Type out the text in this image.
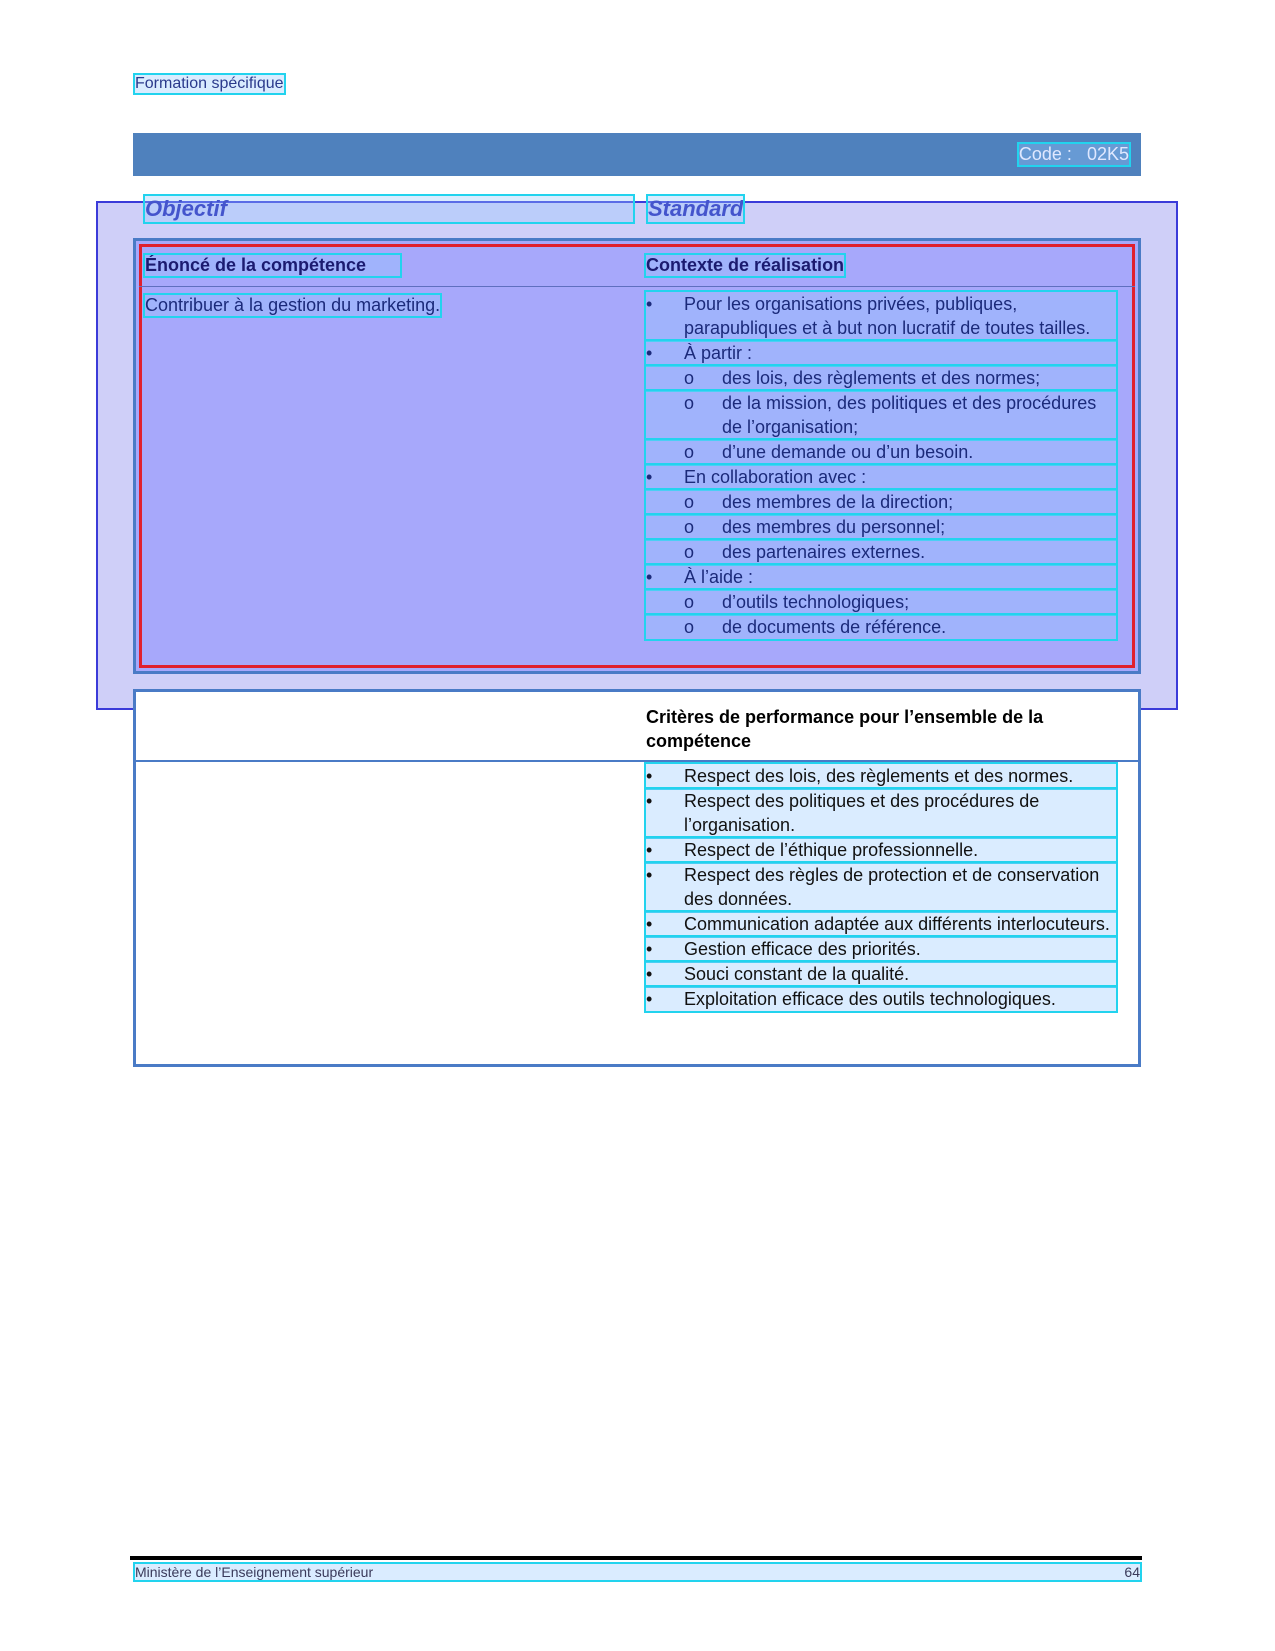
Formation spécifique
Code : 02K5
Objectif	Standard
Énoncé de la compétence	Contexte de réalisation
Contribuer à la gestion du marketing.
•	Pour les organisations privées, publiques, parapubliques et à but non lucratif de toutes tailles.
• À partir :
o des lois, des règlements et des normes;
o de la mission, des politiques et des procédures de l’organisation;
o d’une demande ou d’un besoin.
• En collaboration avec :
o des membres de la direction;
o des membres du personnel;
o des partenaires externes.
• À l’aide :
o d’outils technologiques;
o de documents de référence.
Critères de performance pour l’ensemble de la compétence
• Respect des lois, des règlements et des normes.
• Respect des politiques et des procédures de l’organisation.
• Respect de l’éthique professionnelle.
• Respect des règles de protection et de conservation des données.
• Communication adaptée aux différents interlocuteurs.
• Gestion efficace des priorités.
• Souci constant de la qualité.
• Exploitation efficace des outils technologiques.
Ministère de l’Enseignement supérieur	64
